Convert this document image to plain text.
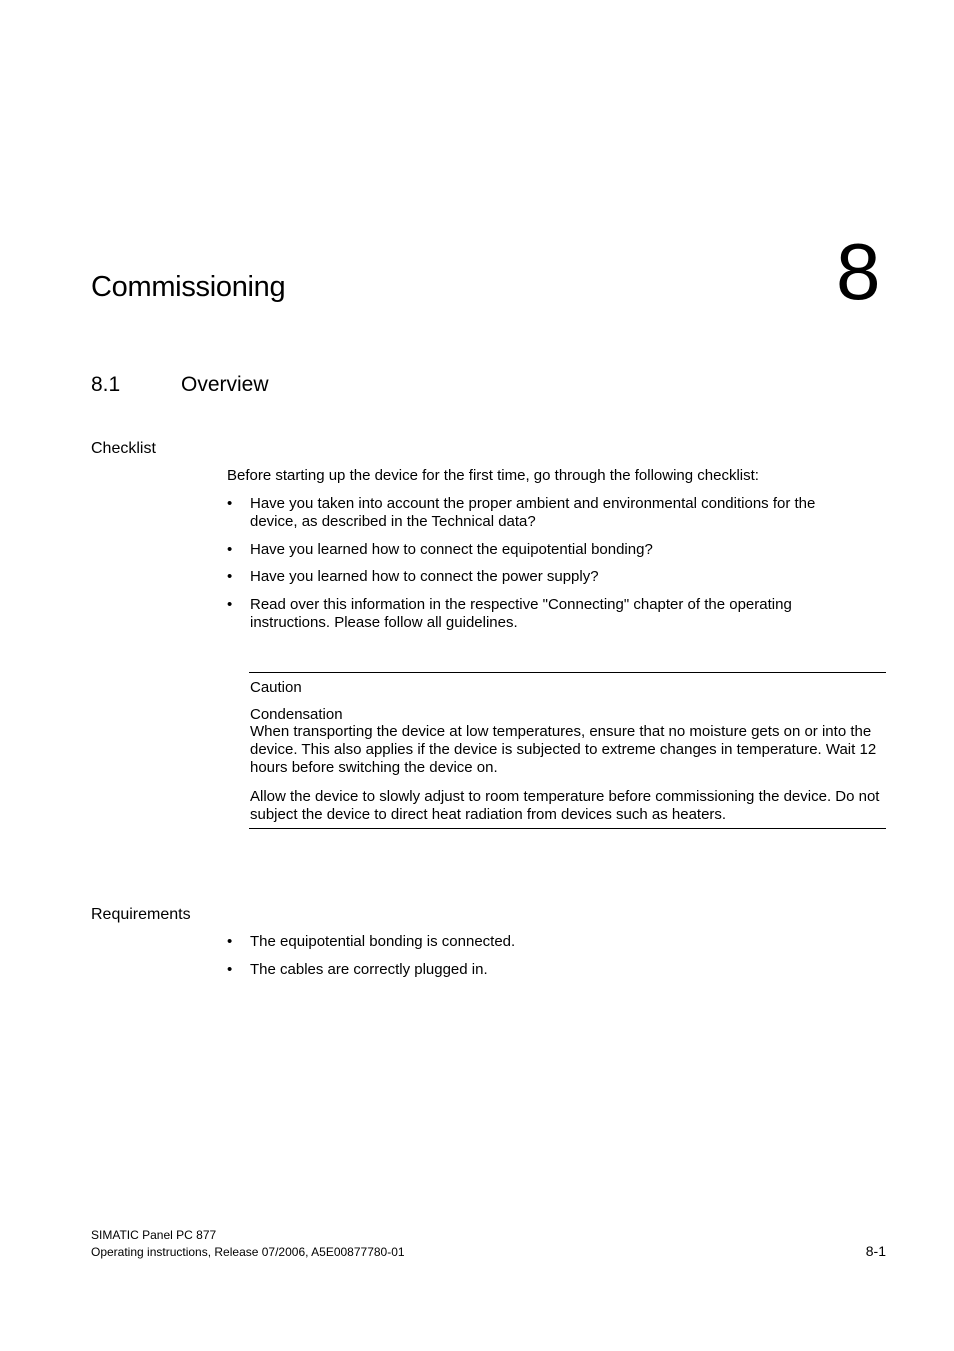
Commissioning	8
8.1	Overview
Checklist
Before starting up the device for the first time, go through the following checklist:
•	Have you taken into account the proper ambient and environmental conditions for the device, as described in the Technical data?
•	Have you learned how to connect the equipotential bonding?
•	Have you learned how to connect the power supply?
•	Read over this information in the respective "Connecting" chapter of the operating instructions. Please follow all guidelines.
Caution
Condensation
When transporting the device at low temperatures, ensure that no moisture gets on or into the device. This also applies if the device is subjected to extreme changes in temperature. Wait 12 hours before switching the device on.
Allow the device to slowly adjust to room temperature before commissioning the device. Do not subject the device to direct heat radiation from devices such as heaters.
Requirements
•	The equipotential bonding is connected.
•	The cables are correctly plugged in.
SIMATIC Panel PC 877
Operating instructions, Release 07/2006, A5E00877780-01	8-1
